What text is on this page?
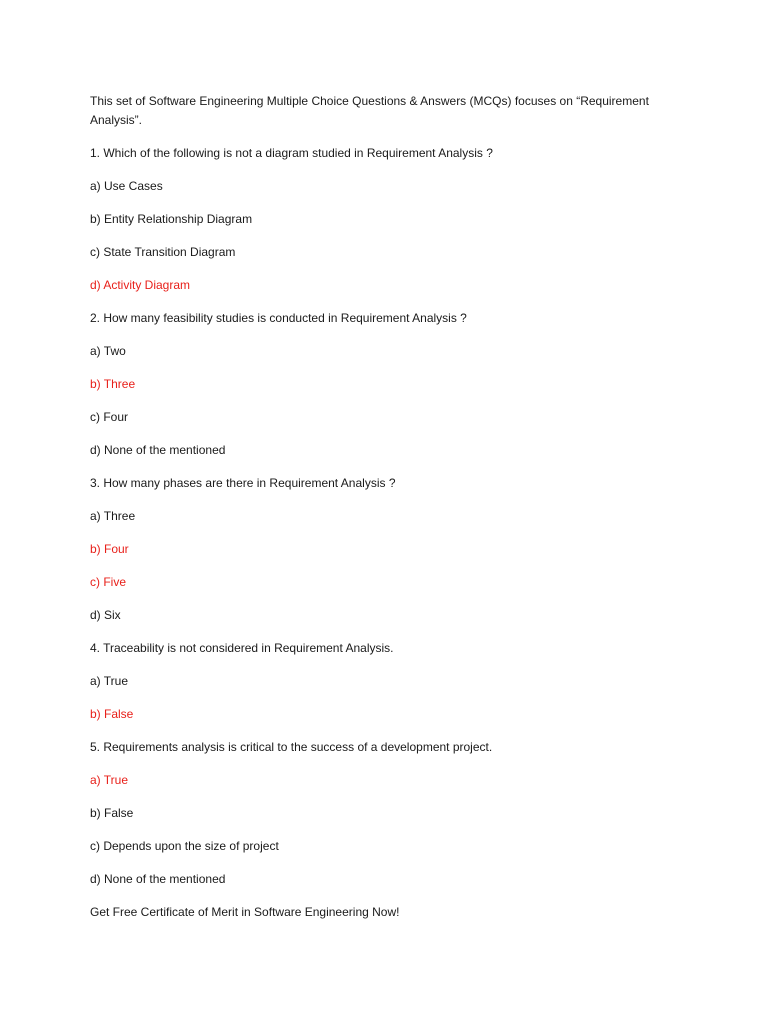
This set of Software Engineering Multiple Choice Questions & Answers (MCQs) focuses on “Requirement Analysis”.

1. Which of the following is not a diagram studied in Requirement Analysis ?

a) Use Cases

b) Entity Relationship Diagram

c) State Transition Diagram

d) Activity Diagram

2. How many feasibility studies is conducted in Requirement Analysis ?

a) Two

b) Three

c) Four

d) None of the mentioned

3. How many phases are there in Requirement Analysis ?

a) Three

b) Four

c) Five

d) Six

4. Traceability is not considered in Requirement Analysis.

a) True

b) False

5. Requirements analysis is critical to the success of a development project.

a) True

b) False

c) Depends upon the size of project

d) None of the mentioned

Get Free Certificate of Merit in Software Engineering Now!
